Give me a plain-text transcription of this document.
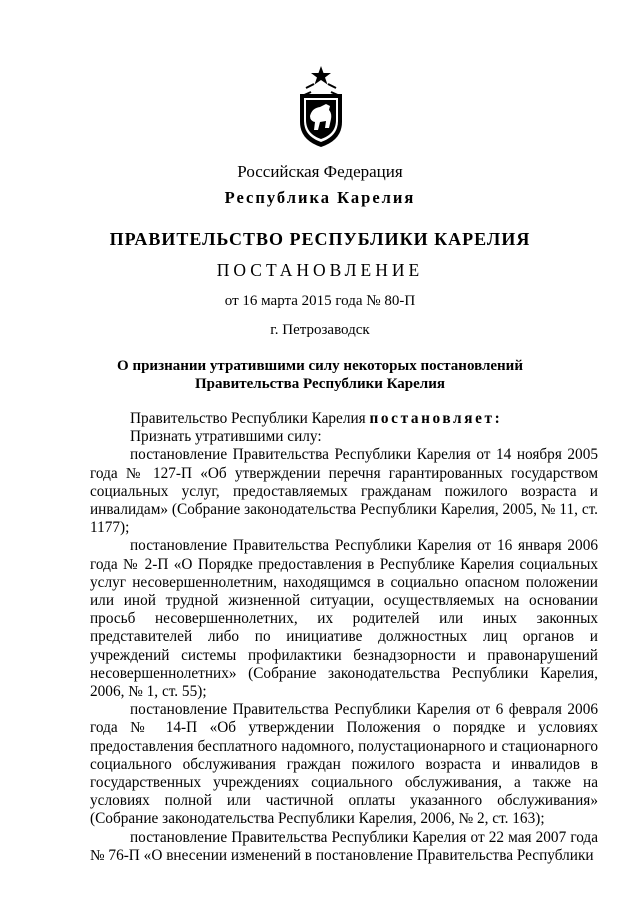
Российская Федерация
Республика Карелия
ПРАВИТЕЛЬСТВО РЕСПУБЛИКИ КАРЕЛИЯ
ПОСТАНОВЛЕНИЕ
от 16 марта 2015 года № 80-П
г. Петрозаводск
О признании утратившими силу некоторых постановлений
Правительства Республики Карелия

Правительство Республики Карелия постановляет:

Признать утратившими силу:

постановление Правительства Республики Карелия от 14 ноября 2005 года № 127-П «Об утверждении перечня гарантированных государством социальных услуг, предоставляемых гражданам пожилого возраста и инвалидам» (Собрание законодательства Республики Карелия, 2005, № 11, ст. 1177);

постановление Правительства Республики Карелия от 16 января 2006 года № 2-П «О Порядке предоставления в Республике Карелия социальных услуг несовершеннолетним, находящимся в социально опасном положении или иной трудной жизненной ситуации, осуществляемых на основании просьб несовершеннолетних, их родителей или иных законных представителей либо по инициативе должностных лиц органов и учреждений системы профилактики безнадзорности и правонарушений несовершеннолетних» (Собрание законодательства Республики Карелия, 2006, № 1, ст. 55);

постановление Правительства Республики Карелия от 6 февраля 2006 года № 14-П «Об утверждении Положения о порядке и условиях предоставления бесплатного надомного, полустационарного и стационарного социального обслуживания граждан пожилого возраста и инвалидов в государственных учреждениях социального обслуживания, а также на условиях полной или частичной оплаты указанного обслуживания» (Собрание законодательства Республики Карелия, 2006, № 2, ст. 163);

постановление Правительства Республики Карелия от 22 мая 2007 года № 76-П «О внесении изменений в постановление Правительства Республики
